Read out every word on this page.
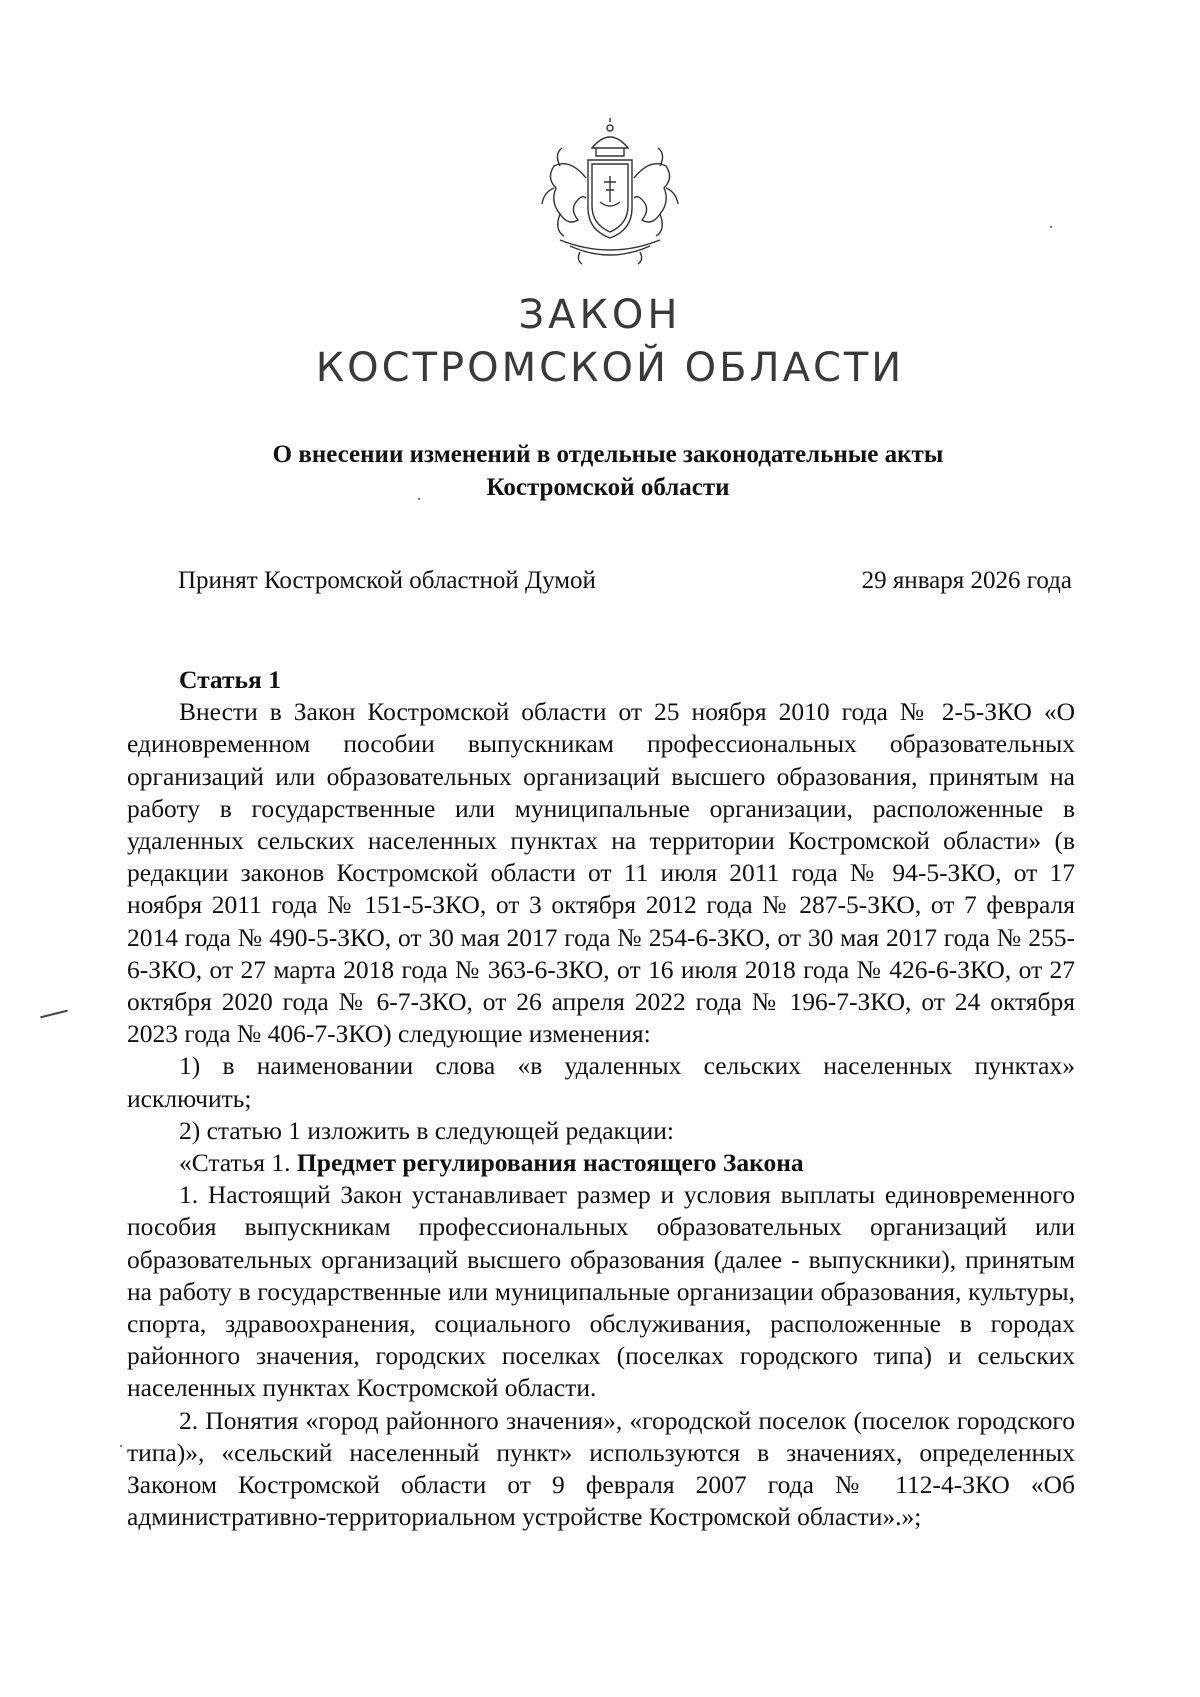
ЗАКОН
КОСТРОМСКОЙ ОБЛАСТИ
О внесении изменений в отдельные законодательные акты
Костромской области
Принят Костромской областной Думой	29 января 2026 года

Статья 1

Внести в Закон Костромской области от 25 ноября 2010 года № 2-5-ЗКО «О единовременном пособии выпускникам профессиональных образовательных организаций или образовательных организаций высшего образования, принятым на работу в государственные или муниципальные организации, расположенные в удаленных сельских населенных пунктах на территории Костромской области» (в редакции законов Костромской области от 11 июля 2011 года № 94-5-ЗКО, от 17 ноября 2011 года № 151-5-ЗКО, от 3 октября 2012 года № 287-5-ЗКО, от 7 февраля 2014 года № 490-5-ЗКО, от 30 мая 2017 года № 254-6-ЗКО, от 30 мая 2017 года № 255-6-ЗКО, от 27 марта 2018 года № 363-6-ЗКО, от 16 июля 2018 года № 426-6-ЗКО, от 27 октября 2020 года № 6-7-ЗКО, от 26 апреля 2022 года № 196-7-ЗКО, от 24 октября 2023 года № 406-7-ЗКО) следующие изменения:

1) в наименовании слова «в удаленных сельских населенных пунктах» исключить;

2) статью 1 изложить в следующей редакции:

«Статья 1. Предмет регулирования настоящего Закона

1. Настоящий Закон устанавливает размер и условия выплаты единовременного пособия выпускникам профессиональных образовательных организаций или образовательных организаций высшего образования (далее - выпускники), принятым на работу в государственные или муниципальные организации образования, культуры, спорта, здравоохранения, социального обслуживания, расположенные в городах районного значения, городских поселках (поселках городского типа) и сельских населенных пунктах Костромской области.

2. Понятия «город районного значения», «городской поселок (поселок городского типа)», «сельский населенный пункт» используются в значениях, определенных Законом Костромской области от 9 февраля 2007 года № 112-4-ЗКО «Об административно-территориальном устройстве Костромской области».»;
